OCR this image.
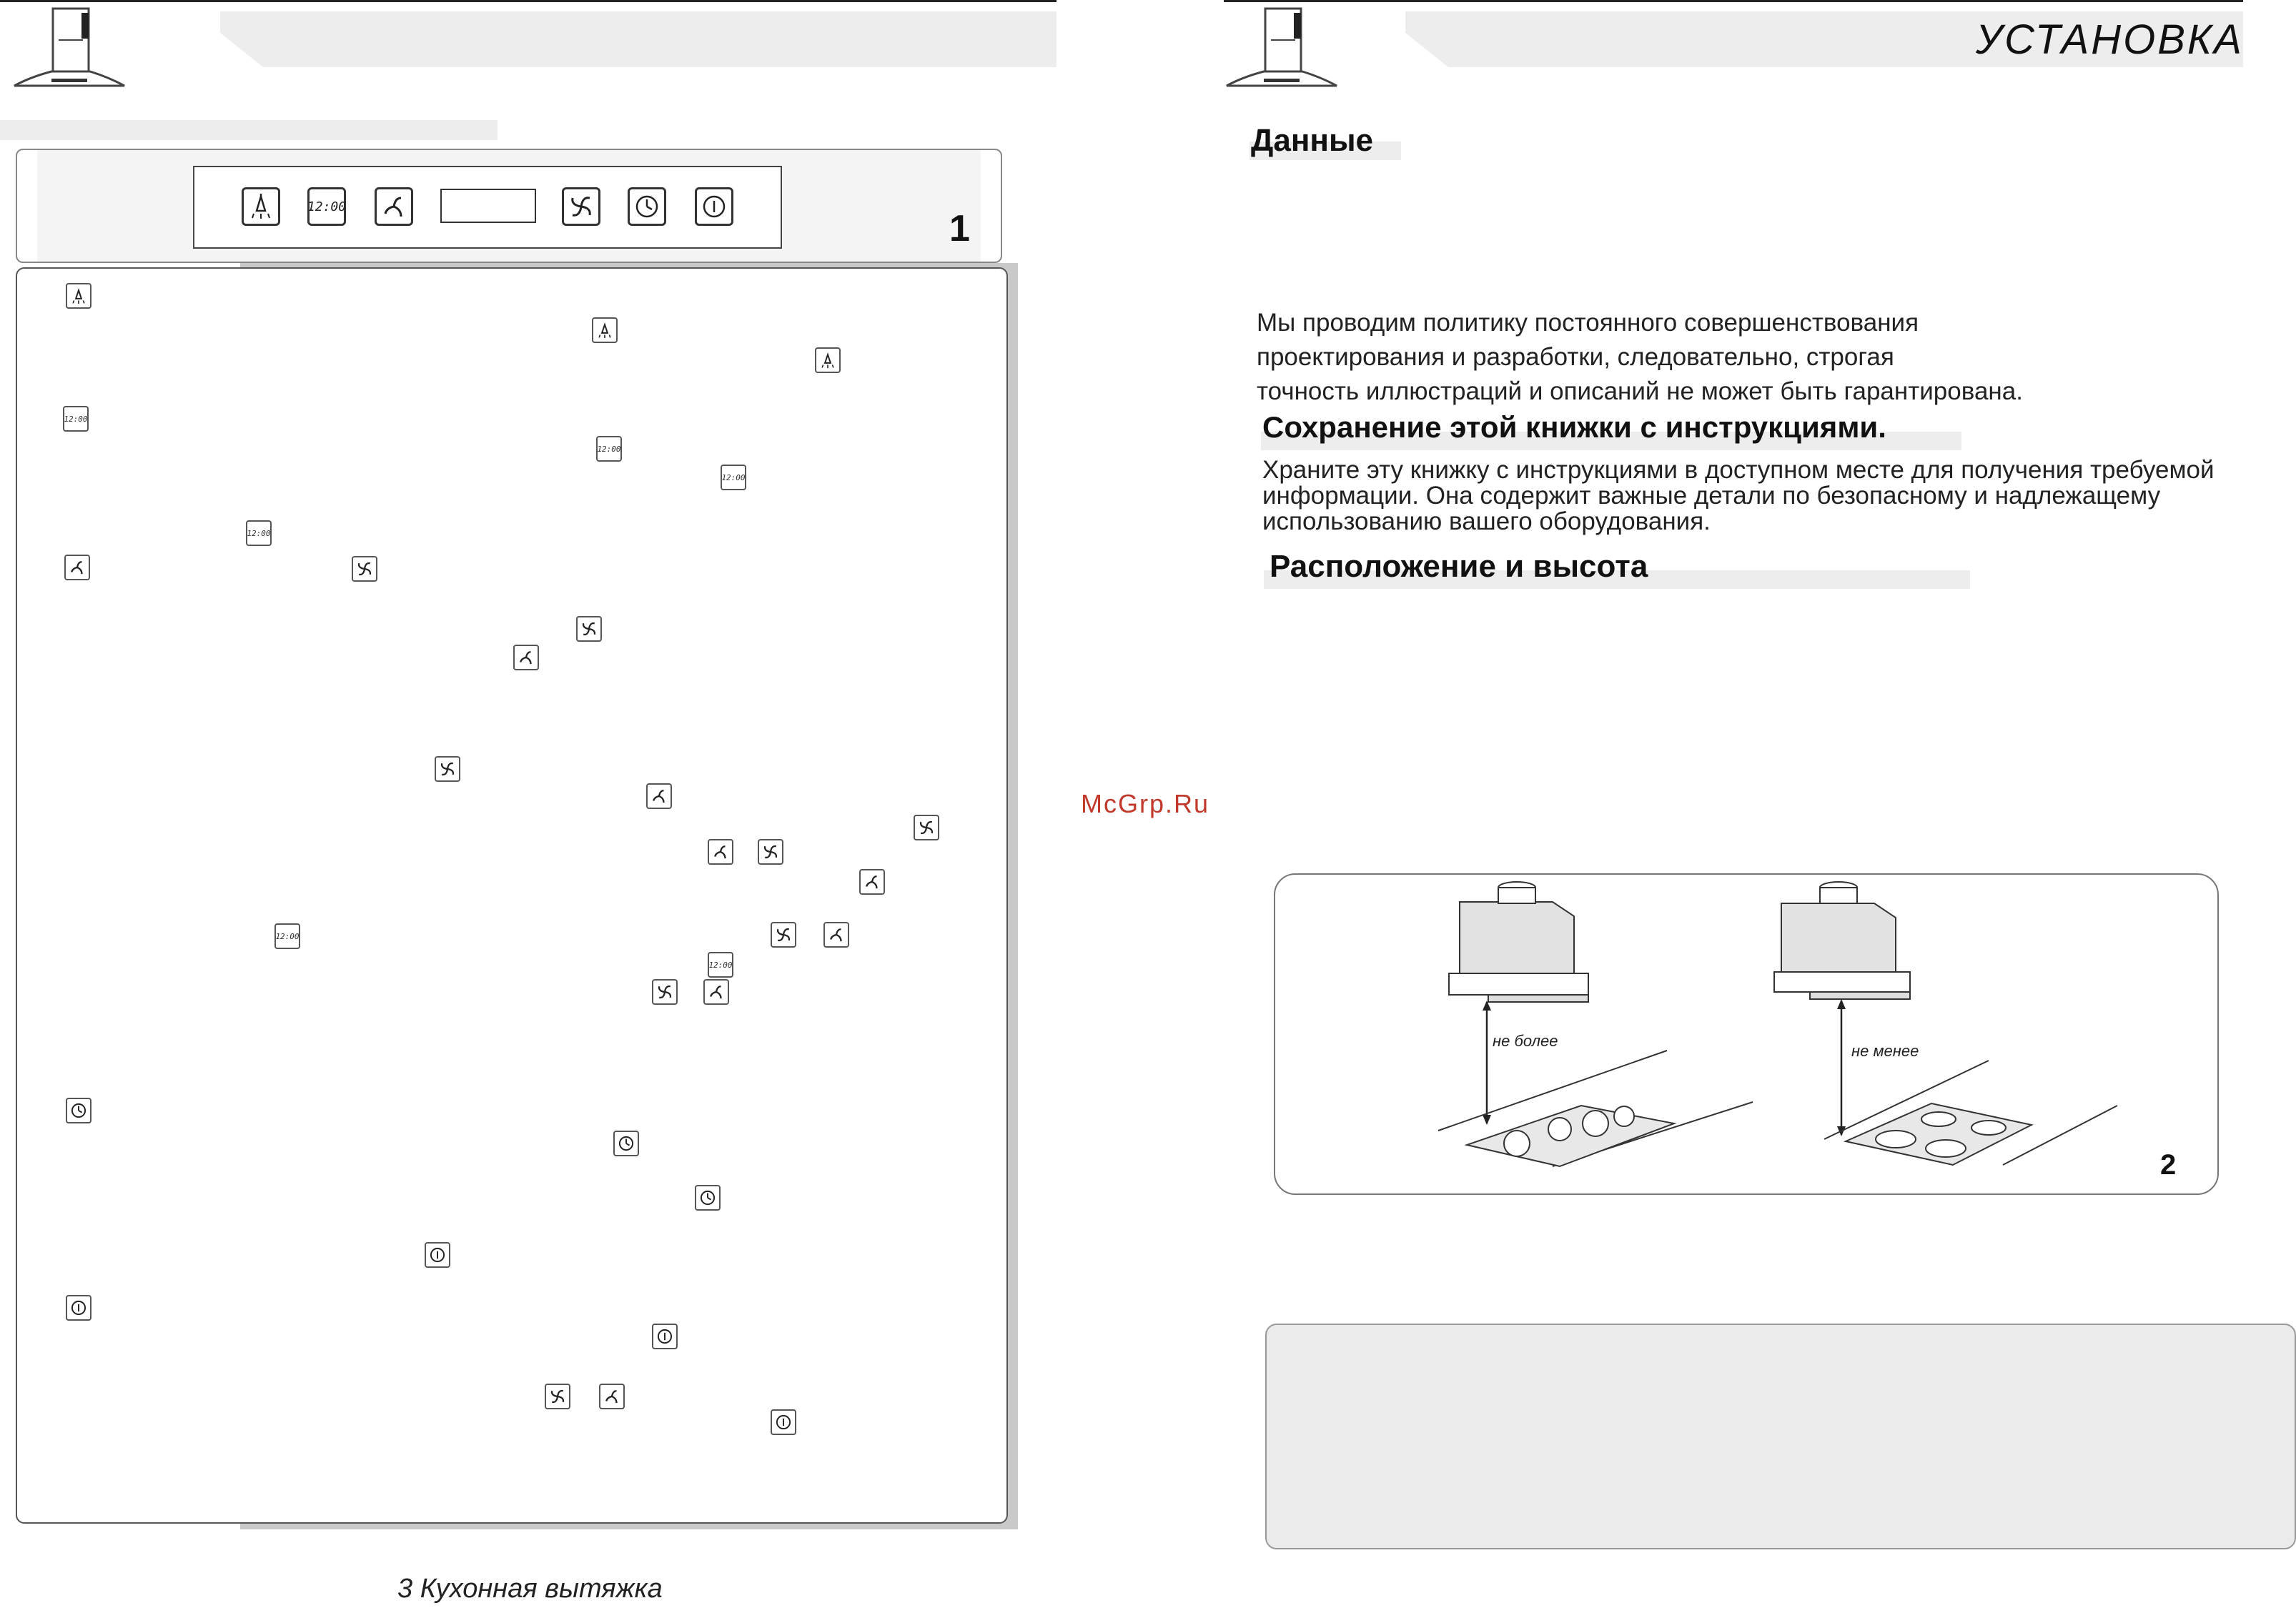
12:00
1
12:00
12:00
12:00
12:00
12:00
12:00
3 Кухонная вытяжка
McGrp.Ru
УСТАНОВКА
Данные
Мы проводим политику постоянного совершенствования
проектирования и разработки, следовательно, строгая
точность иллюстраций и описаний не может быть гарантирована.
Сохранение этой книжки с инструкциями.
Храните эту книжку с инструкциями в доступном месте для получения требуемой
информации. Она содержит важные детали по безопасному и надлежащему
использованию вашего оборудования.
Расположение и высота
не более
не менее
2
